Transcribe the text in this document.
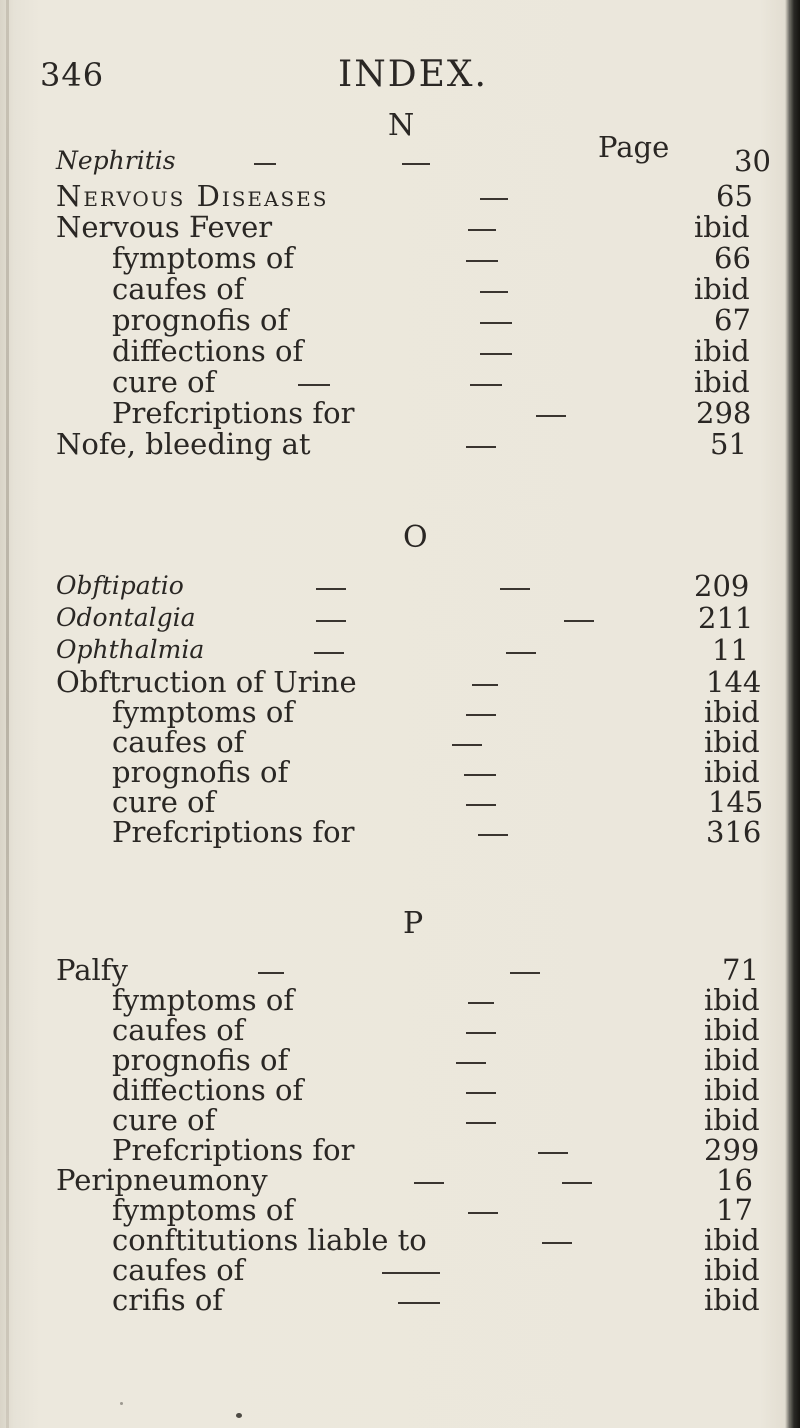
346	INDEX.
N
Page
Nephritis	30
Nervous Diseases	65
Nervous Fever	ibid
fymptoms of	66
caufes of	ibid
prognofis of	67
diffections of	ibid
cure of	ibid
Prefcriptions for	298
Nofe, bleeding at	51
O
Obftipatio	209
Odontalgia	211
Ophthalmia	11
Obftruction of Urine	144
fymptoms of	ibid
caufes of	ibid
prognofis of	ibid
cure of	145
Prefcriptions for	316
P
Palfy	71
fymptoms of	ibid
caufes of	ibid
prognofis of	ibid
diffections of	ibid
cure of	ibid
Prefcriptions for	299
Peripneumony	16
fymptoms of	17
conftitutions liable to	ibid
caufes of	ibid
crifis of	ibid
